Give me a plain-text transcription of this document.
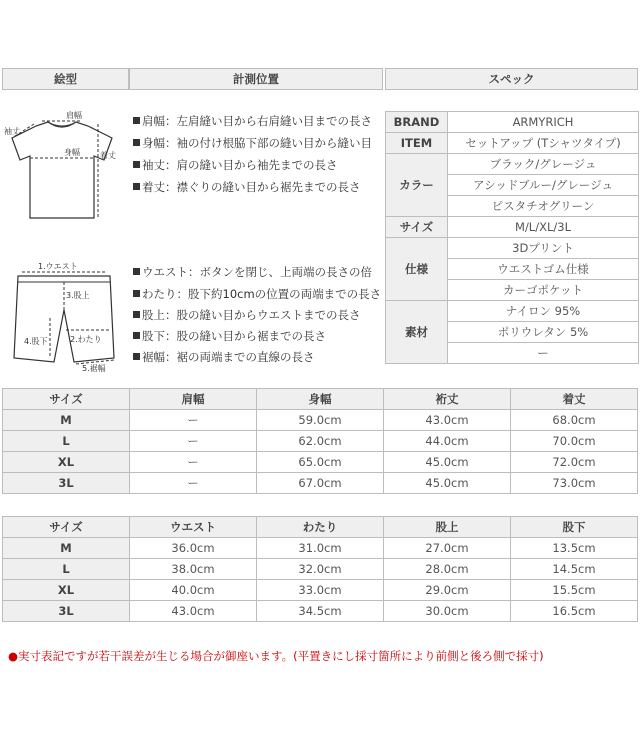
絵型	計測位置	スペック
肩幅
袖丈
身幅	着丈
1.ウエスト
3.股上
4.股下	2.わたり
5.裾幅
肩幅：左肩縫い目から右肩縫い目までの長さ
身幅：袖の付け根脇下部の縫い目から縫い目
袖丈：肩の縫い目から袖先までの長さ
着丈：襟ぐりの縫い目から裾先までの長さ
ウエスト：ボタンを閉じ、上両端の長さの倍
わたり：股下約10cmの位置の両端までの長さ
股上：股の縫い目からウエストまでの長さ
股下：股の縫い目から裾までの長さ
裾幅：裾の両端までの直線の長さ
BRAND	ARMYRICH
ITEM	セットアップ (Tシャツタイプ)
カラー	ブラック/グレージュ
	アシッドブルー/グレージュ
	ピスタチオグリーン
サイズ	M/L/XL/3L
仕様	3Dプリント
	ウエストゴム仕様
	カーゴポケット
素材	ナイロン 95%
	ポリウレタン 5%
	ー
サイズ	肩幅	身幅	裄丈	着丈
M	ー	59.0cm	43.0cm	68.0cm
L	ー	62.0cm	44.0cm	70.0cm
XL	ー	65.0cm	45.0cm	72.0cm
3L	ー	67.0cm	45.0cm	73.0cm
サイズ	ウエスト	わたり	股上	股下
M	36.0cm	31.0cm	27.0cm	13.5cm
L	38.0cm	32.0cm	28.0cm	14.5cm
XL	40.0cm	33.0cm	29.0cm	15.5cm
3L	43.0cm	34.5cm	30.0cm	16.5cm
●実寸表記ですが若干誤差が生じる場合が御座います。(平置きにし採寸箇所により前側と後ろ側で採寸)
